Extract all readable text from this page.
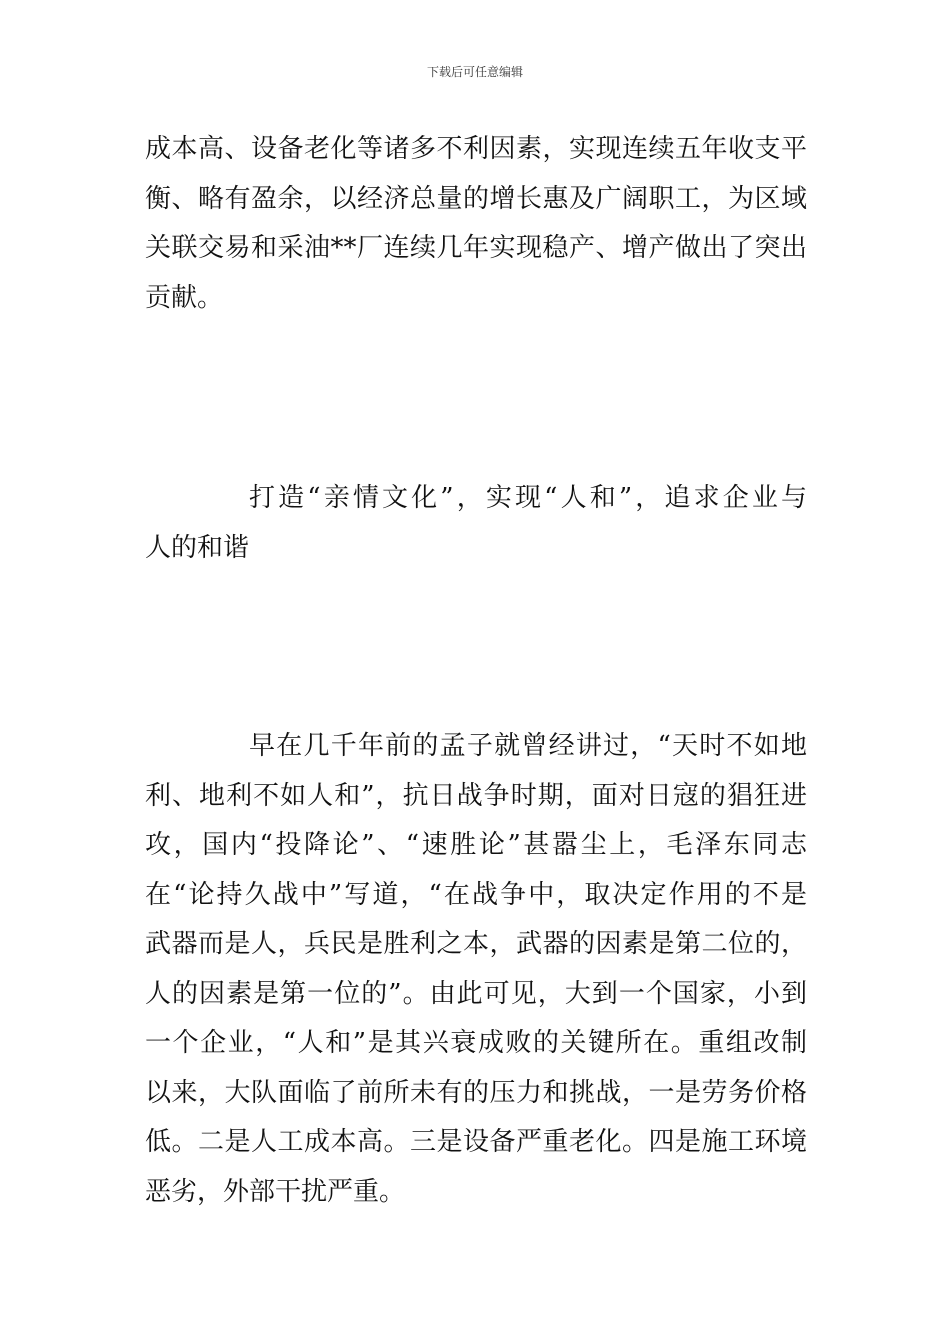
下载后可任意编辑
成本高、设备老化等诸多不利因素，实现连续五年收支平
衡、略有盈余，以经济总量的增长惠及广阔职工，为区域
关联交易和采油**厂连续几年实现稳产、增产做出了突出
贡献。
打造“亲情文化”，实现“人和”，追求企业与
人的和谐
早在几千年前的孟子就曾经讲过，“天时不如地
利、地利不如人和”，抗日战争时期，面对日寇的猖狂进
攻，国内“投降论”、“速胜论”甚嚣尘上，毛泽东同志
在“论持久战中”写道，“在战争中，取决定作用的不是
武器而是人，兵民是胜利之本，武器的因素是第二位的，
人的因素是第一位的”。由此可见，大到一个国家，小到
一个企业，“人和”是其兴衰成败的关键所在。重组改制
以来，大队面临了前所未有的压力和挑战，一是劳务价格
低。二是人工成本高。三是设备严重老化。四是施工环境
恶劣，外部干扰严重。
